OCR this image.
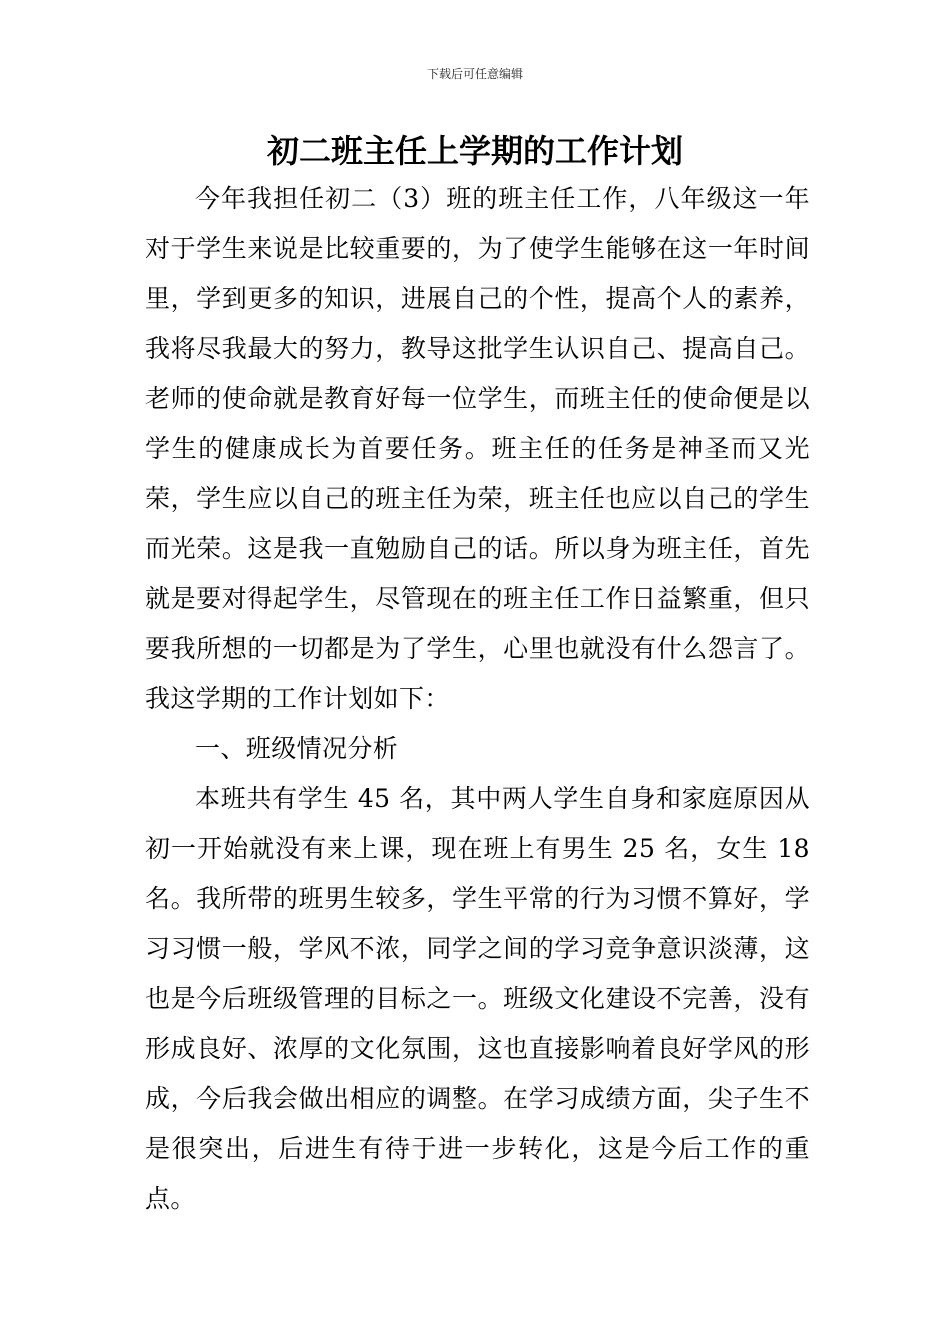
下载后可任意编辑
初二班主任上学期的工作计划

今年我担任初二（3）班的班主任工作，八年级这一年对于学生来说是比较重要的，为了使学生能够在这一年时间里，学到更多的知识，进展自己的个性，提高个人的素养，我将尽我最大的努力，教导这批学生认识自己、提高自己。老师的使命就是教育好每一位学生，而班主任的使命便是以学生的健康成长为首要任务。班主任的任务是神圣而又光荣，学生应以自己的班主任为荣，班主任也应以自己的学生而光荣。这是我一直勉励自己的话。所以身为班主任，首先就是要对得起学生，尽管现在的班主任工作日益繁重，但只要我所想的一切都是为了学生，心里也就没有什么怨言了。我这学期的工作计划如下：

一、班级情况分析

本班共有学生 45 名，其中两人学生自身和家庭原因从初一开始就没有来上课，现在班上有男生 25 名，女生 18 名。我所带的班男生较多，学生平常的行为习惯不算好，学习习惯一般，学风不浓，同学之间的学习竞争意识淡薄，这也是今后班级管理的目标之一。班级文化建设不完善，没有形成良好、浓厚的文化氛围，这也直接影响着良好学风的形成，今后我会做出相应的调整。在学习成绩方面，尖子生不是很突出，后进生有待于进一步转化，这是今后工作的重点。
